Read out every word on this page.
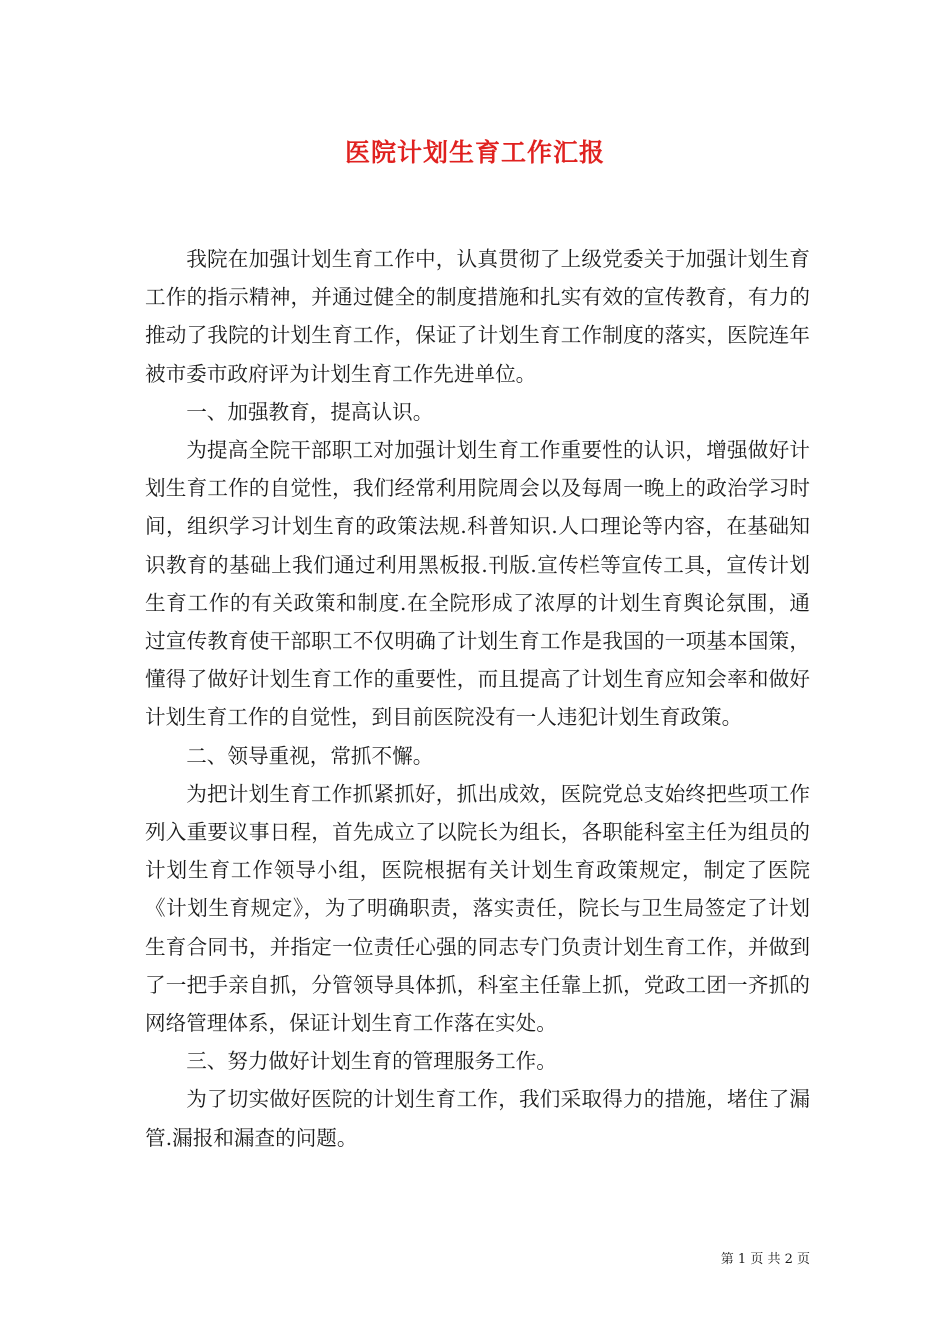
医院计划生育工作汇报

我院在加强计划生育工作中，认真贯彻了上级党委关于加强计划生育工作的指示精神，并通过健全的制度措施和扎实有效的宣传教育，有力的推动了我院的计划生育工作，保证了计划生育工作制度的落实，医院连年被市委市政府评为计划生育工作先进单位。

一、加强教育，提高认识。

为提高全院干部职工对加强计划生育工作重要性的认识，增强做好计划生育工作的自觉性，我们经常利用院周会以及每周一晚上的政治学习时间，组织学习计划生育的政策法规.科普知识.人口理论等内容，在基础知识教育的基础上我们通过利用黑板报.刊版.宣传栏等宣传工具，宣传计划生育工作的有关政策和制度.在全院形成了浓厚的计划生育舆论氛围，通过宣传教育使干部职工不仅明确了计划生育工作是我国的一项基本国策，懂得了做好计划生育工作的重要性，而且提高了计划生育应知会率和做好计划生育工作的自觉性，到目前医院没有一人违犯计划生育政策。

二、领导重视，常抓不懈。

为把计划生育工作抓紧抓好，抓出成效，医院党总支始终把些项工作列入重要议事日程，首先成立了以院长为组长，各职能科室主任为组员的计划生育工作领导小组，医院根据有关计划生育政策规定，制定了医院《计划生育规定》，为了明确职责，落实责任，院长与卫生局签定了计划生育合同书，并指定一位责任心强的同志专门负责计划生育工作，并做到了一把手亲自抓，分管领导具体抓，科室主任靠上抓，党政工团一齐抓的网络管理体系，保证计划生育工作落在实处。

三、努力做好计划生育的管理服务工作。

为了切实做好医院的计划生育工作，我们采取得力的措施，堵住了漏管.漏报和漏查的问题。

第 1 页 共 2 页
